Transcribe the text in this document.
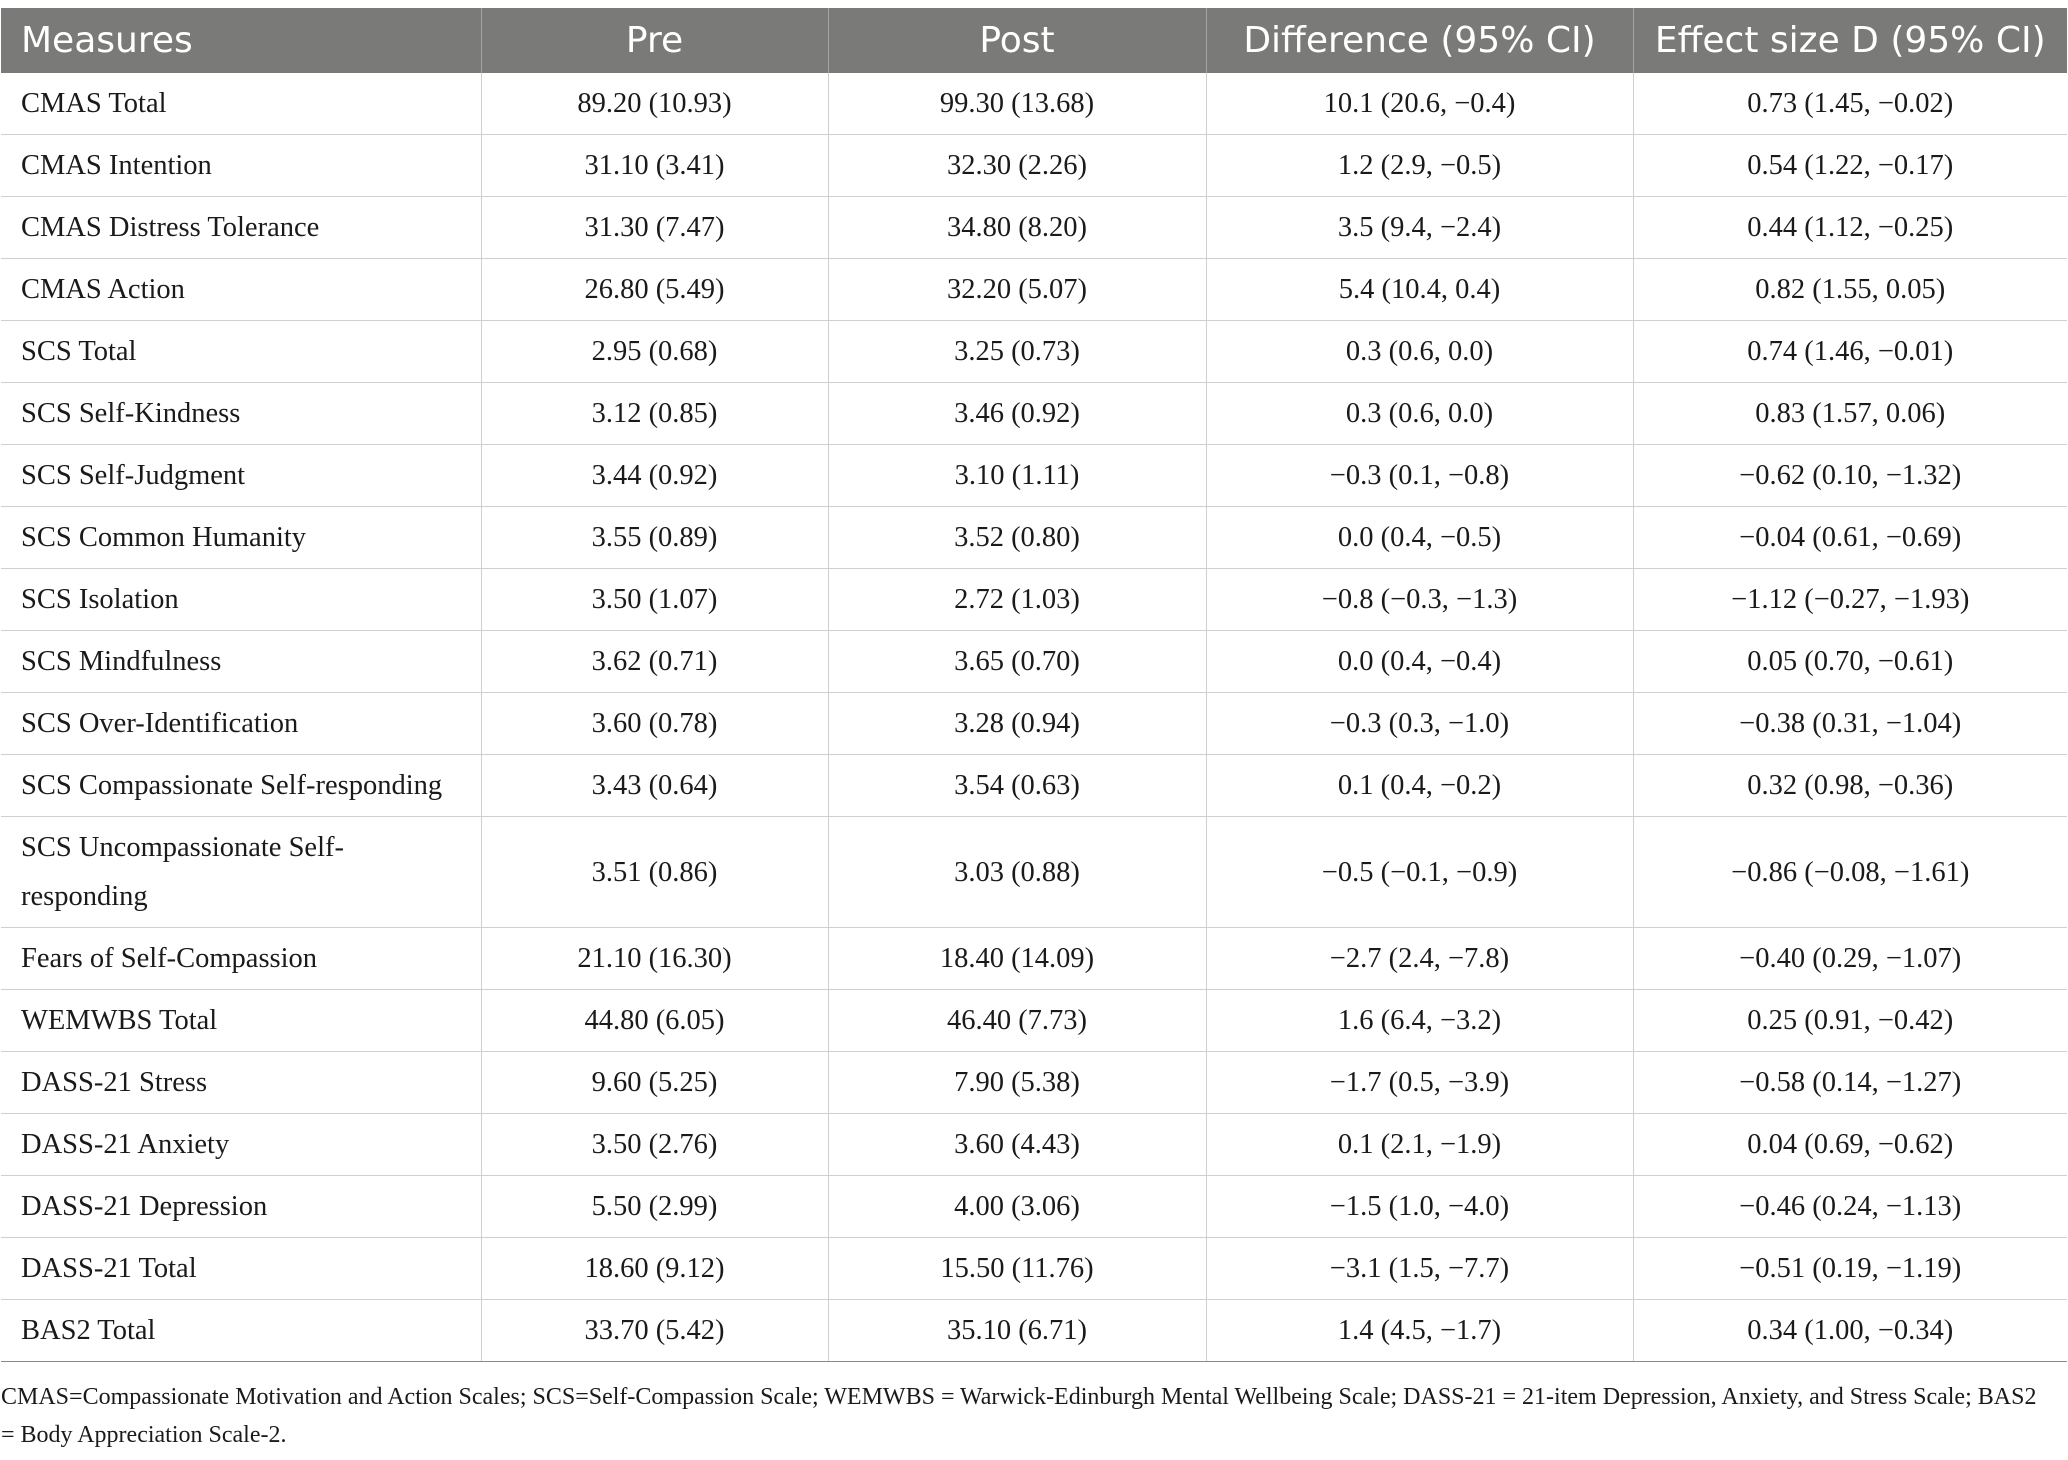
Measures	Pre	Post	Difference (95% CI)	Effect size D (95% CI)
CMAS Total	89.20 (10.93)	99.30 (13.68)	10.1 (20.6, −0.4)	0.73 (1.45, −0.02)
CMAS Intention	31.10 (3.41)	32.30 (2.26)	1.2 (2.9, −0.5)	0.54 (1.22, −0.17)
CMAS Distress Tolerance	31.30 (7.47)	34.80 (8.20)	3.5 (9.4, −2.4)	0.44 (1.12, −0.25)
CMAS Action	26.80 (5.49)	32.20 (5.07)	5.4 (10.4, 0.4)	0.82 (1.55, 0.05)
SCS Total	2.95 (0.68)	3.25 (0.73)	0.3 (0.6, 0.0)	0.74 (1.46, −0.01)
SCS Self-Kindness	3.12 (0.85)	3.46 (0.92)	0.3 (0.6, 0.0)	0.83 (1.57, 0.06)
SCS Self-Judgment	3.44 (0.92)	3.10 (1.11)	−0.3 (0.1, −0.8)	−0.62 (0.10, −1.32)
SCS Common Humanity	3.55 (0.89)	3.52 (0.80)	0.0 (0.4, −0.5)	−0.04 (0.61, −0.69)
SCS Isolation	3.50 (1.07)	2.72 (1.03)	−0.8 (−0.3, −1.3)	−1.12 (−0.27, −1.93)
SCS Mindfulness	3.62 (0.71)	3.65 (0.70)	0.0 (0.4, −0.4)	0.05 (0.70, −0.61)
SCS Over-Identification	3.60 (0.78)	3.28 (0.94)	−0.3 (0.3, −1.0)	−0.38 (0.31, −1.04)
SCS Compassionate Self-responding	3.43 (0.64)	3.54 (0.63)	0.1 (0.4, −0.2)	0.32 (0.98, −0.36)
SCS Uncompassionate Self-responding	3.51 (0.86)	3.03 (0.88)	−0.5 (−0.1, −0.9)	−0.86 (−0.08, −1.61)
Fears of Self-Compassion	21.10 (16.30)	18.40 (14.09)	−2.7 (2.4, −7.8)	−0.40 (0.29, −1.07)
WEMWBS Total	44.80 (6.05)	46.40 (7.73)	1.6 (6.4, −3.2)	0.25 (0.91, −0.42)
DASS-21 Stress	9.60 (5.25)	7.90 (5.38)	−1.7 (0.5, −3.9)	−0.58 (0.14, −1.27)
DASS-21 Anxiety	3.50 (2.76)	3.60 (4.43)	0.1 (2.1, −1.9)	0.04 (0.69, −0.62)
DASS-21 Depression	5.50 (2.99)	4.00 (3.06)	−1.5 (1.0, −4.0)	−0.46 (0.24, −1.13)
DASS-21 Total	18.60 (9.12)	15.50 (11.76)	−3.1 (1.5, −7.7)	−0.51 (0.19, −1.19)
BAS2 Total	33.70 (5.42)	35.10 (6.71)	1.4 (4.5, −1.7)	0.34 (1.00, −0.34)
CMAS=Compassionate Motivation and Action Scales; SCS=Self-Compassion Scale; WEMWBS = Warwick-Edinburgh Mental Wellbeing Scale; DASS-21 = 21-item Depression, Anxiety, and Stress Scale; BAS2 = Body Appreciation Scale-2.
